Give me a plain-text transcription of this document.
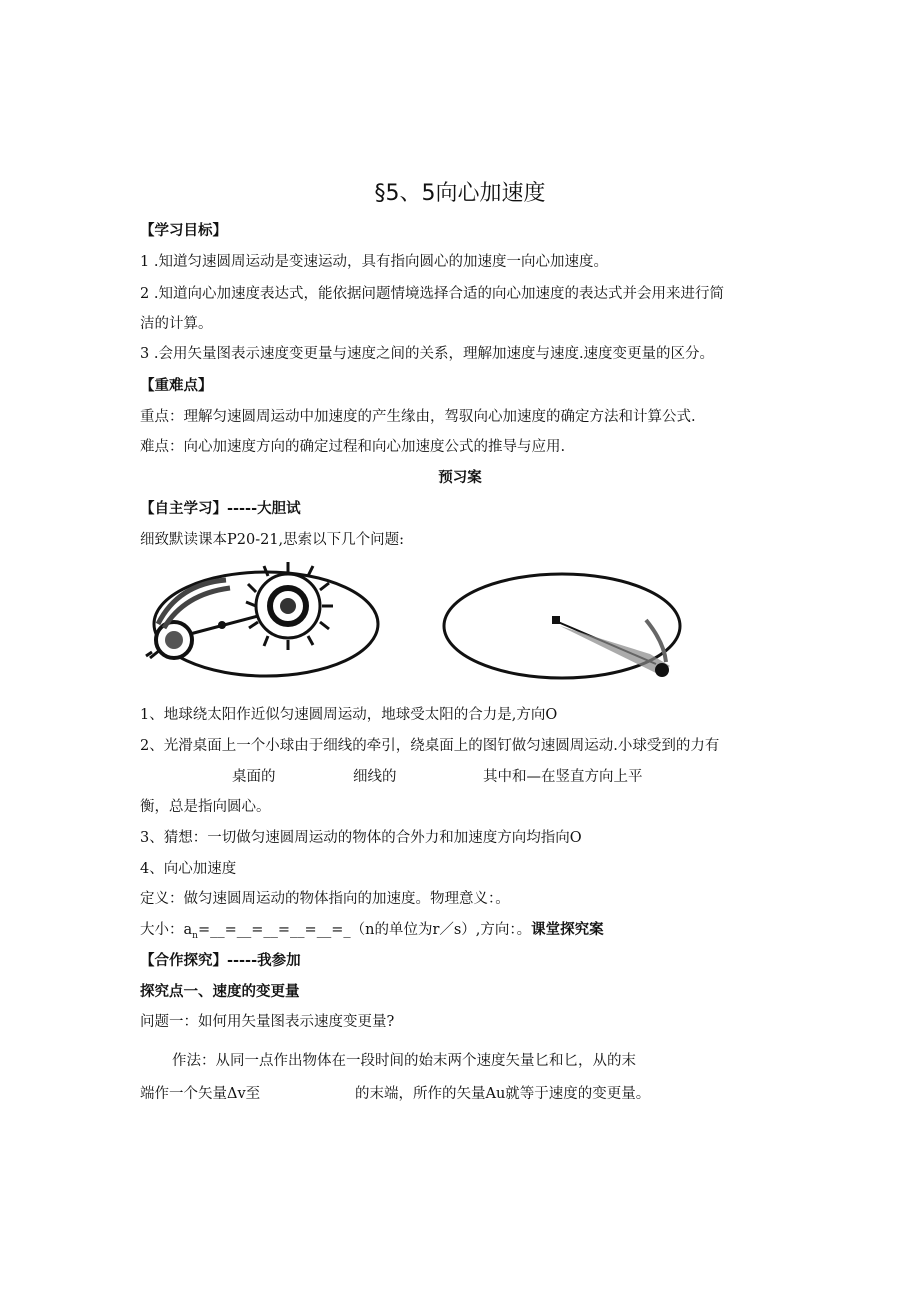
§5、5向心加速度
【学习目标】
1 .知道匀速圆周运动是变速运动，具有指向圆心的加速度一向心加速度。
2 .知道向心加速度表达式，能依据问题情境选择合适的向心加速度的表达式并会用来进行简
洁的计算。
3 .会用矢量图表示速度变更量与速度之间的关系，理解加速度与速度.速度变更量的区分。
【重难点】
重点：理解匀速圆周运动中加速度的产生缘由，驾驭向心加速度的确定方法和计算公式.
难点：向心加速度方向的确定过程和向心加速度公式的推导与应用.
预习案
【自主学习】-----大胆试
细致默读课本P20-21,思索以下几个问题:
1、地球绕太阳作近似匀速圆周运动，地球受太阳的合力是,方向O
2、光滑桌面上一个小球由于细线的牵引，绕桌面上的图钉做匀速圆周运动.小球受到的力有
桌面的	细线的	其中和—在竖直方向上平
衡，总是指向圆心。
3、猜想：一切做匀速圆周运动的物体的合外力和加速度方向均指向O
4、向心加速度
定义：做匀速圆周运动的物体指向的加速度。物理意义：。
大小：$a_n=\_\_=\_\_=\_\_=\_\_=\_\_=\_(n$的单位为r／s）,方向：。课堂探究案
【合作探究】-----我参加
探究点一、速度的变更量
问题一：如何用矢量图表示速度变更量?
作法：从同一点作出物体在一段时间的始末两个速度矢量匕和匕，从的末
端作一个矢量Δv至	的末端，所作的矢量Au就等于速度的变更量。
